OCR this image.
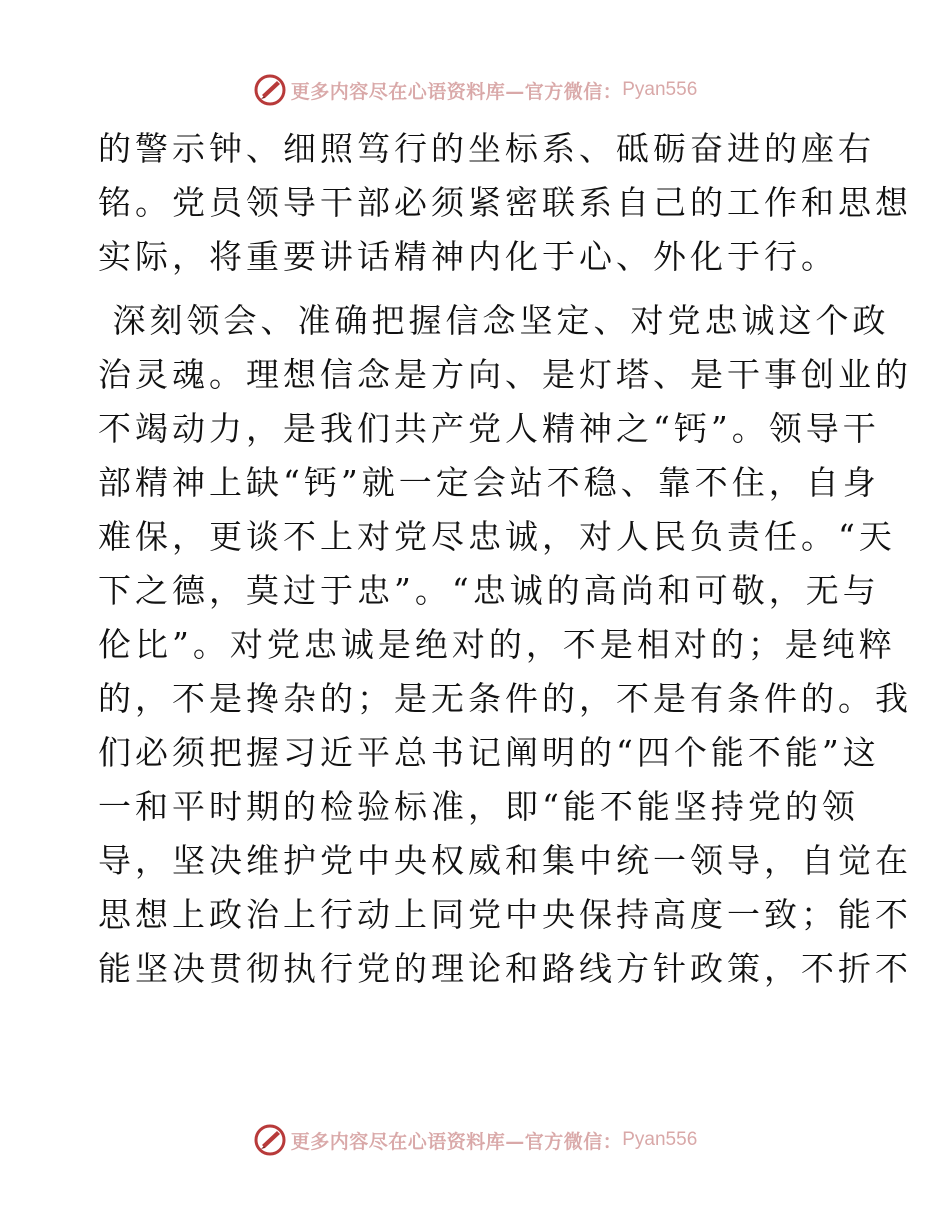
更多内容尽在心语资料库—官方微信： Pyan556
的警示钟、细照笃行的坐标系、砥砺奋进的座右
铭。党员领导干部必须紧密联系自己的工作和思想
实际，将重要讲话精神内化于心、外化于行。
深刻领会、准确把握信念坚定、对党忠诚这个政
治灵魂。理想信念是方向、是灯塔、是干事创业的
不竭动力，是我们共产党人精神之“钙”。领导干
部精神上缺“钙”就一定会站不稳、靠不住，自身
难保，更谈不上对党尽忠诚，对人民负责任。“天
下之德，莫过于忠”。“忠诚的高尚和可敬，无与
伦比”。对党忠诚是绝对的，不是相对的；是纯粹
的，不是搀杂的；是无条件的，不是有条件的。我
们必须把握习近平总书记阐明的“四个能不能”这
一和平时期的检验标准，即“能不能坚持党的领
导，坚决维护党中央权威和集中统一领导，自觉在
思想上政治上行动上同党中央保持高度一致；能不
能坚决贯彻执行党的理论和路线方针政策，不折不
更多内容尽在心语资料库—官方微信： Pyan556
